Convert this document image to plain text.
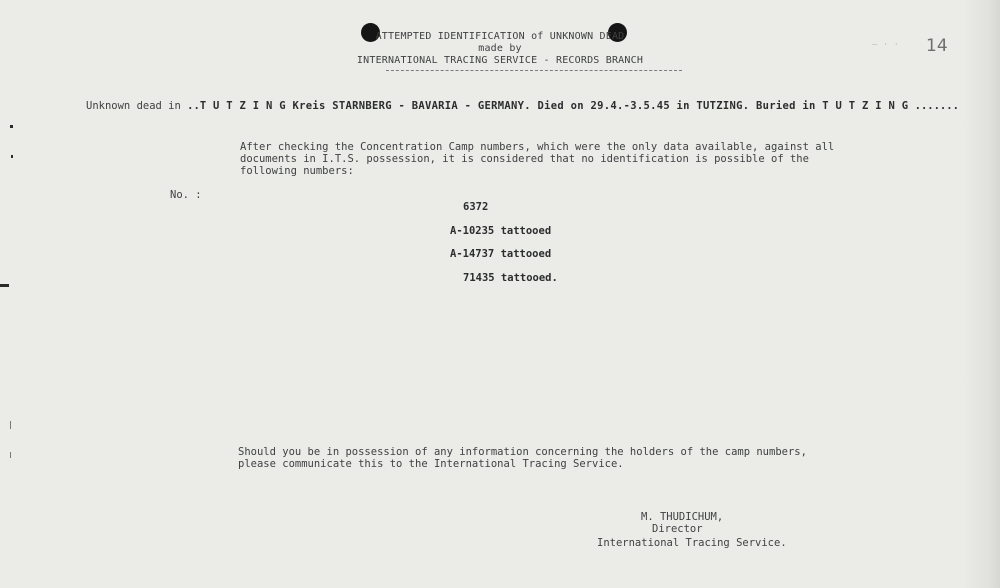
ATTEMPTED IDENTIFICATION of UNKNOWN DEAD
made by
INTERNATIONAL TRACING SERVICE - RECORDS BRANCH
— · · 14
Unknown dead in ..T U T Z I N G Kreis STARNBERG - BAVARIA - GERMANY. Died on 29.4.-3.5.45 in TUTZING. Buried in T U T Z I N G .......
After checking the Concentration Camp numbers, which were the only data available, against all
documents in I.T.S. possession, it is considered that no identification is possible of the
following numbers:
No. :
6372
A-10235 tattooed
A-14737 tattooed
71435 tattooed.
Should you be in possession of any information concerning the holders of the camp numbers,
please communicate this to the International Tracing Service.
M. THUDICHUM,
Director
International Tracing Service.
